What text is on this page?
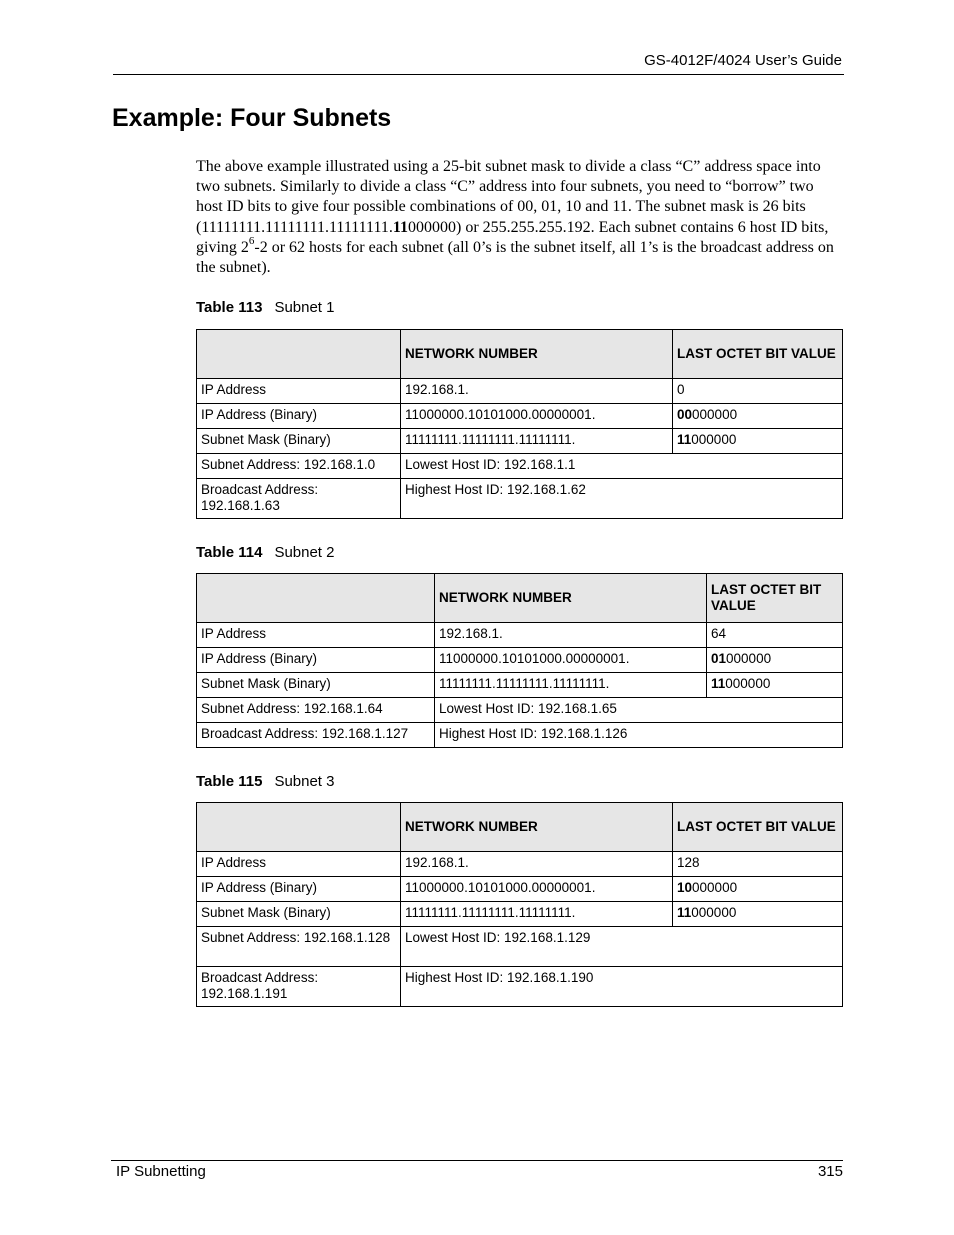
GS-4012F/4024 User’s Guide
Example: Four Subnets

The above example illustrated using a 25-bit subnet mask to divide a class “C” address space into two subnets. Similarly to divide a class “C” address into four subnets, you need to “borrow” two host ID bits to give four possible combinations of 00, 01, 10 and 11. The subnet mask is 26 bits (11111111.11111111.11111111.11000000) or 255.255.255.192. Each subnet contains 6 host ID bits, giving $2^6-2$ or 62 hosts for each subnet (all 0’s is the subnet itself, all 1’s is the broadcast address on the subnet).

Table 113 Subnet 1
	NETWORK NUMBER	LAST OCTET BIT VALUE
IP Address	192.168.1.	0
IP Address (Binary)	11000000.10101000.00000001.	00000000
Subnet Mask (Binary)	11111111.11111111.11111111.	11000000
Subnet Address: 192.168.1.0	Lowest Host ID: 192.168.1.1	
Broadcast Address: 192.168.1.63	Highest Host ID: 192.168.1.62	
Table 114 Subnet 2
	NETWORK NUMBER	LAST OCTET BIT VALUE
IP Address	192.168.1.	64
IP Address (Binary)	11000000.10101000.00000001.	01000000
Subnet Mask (Binary)	11111111.11111111.11111111.	11000000
Subnet Address: 192.168.1.64	Lowest Host ID: 192.168.1.65	
Broadcast Address: 192.168.1.127	Highest Host ID: 192.168.1.126	
Table 115 Subnet 3
	NETWORK NUMBER	LAST OCTET BIT VALUE
IP Address	192.168.1.	128
IP Address (Binary)	11000000.10101000.00000001.	10000000
Subnet Mask (Binary)	11111111.11111111.11111111.	11000000
Subnet Address: 192.168.1.128	Lowest Host ID: 192.168.1.129	
Broadcast Address: 192.168.1.191	Highest Host ID: 192.168.1.190	
IP Subnetting	315
